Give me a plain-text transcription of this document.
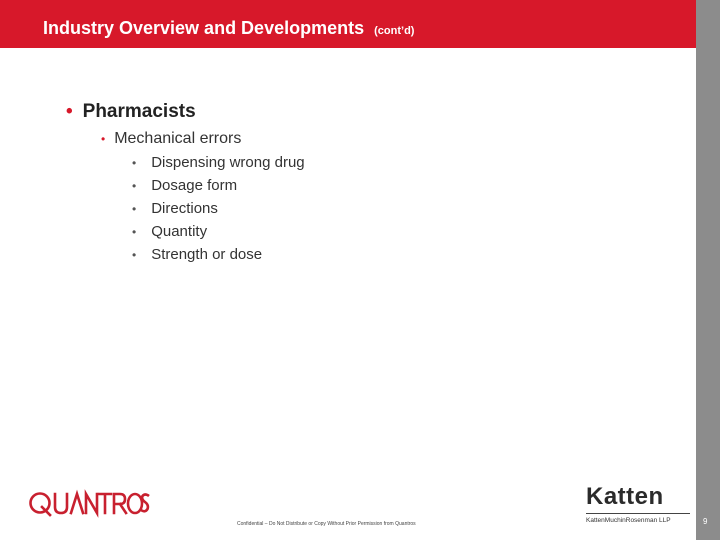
Industry Overview and Developments (cont’d)

• Pharmacists
• Mechanical errors
• Dispensing wrong drug
• Dosage form
• Directions
• Quantity
• Strength or dose
Confidential – Do Not Distribute or Copy Without Prior Permission from Quantros
Katten
KattenMuchinRosenman LLP	9
